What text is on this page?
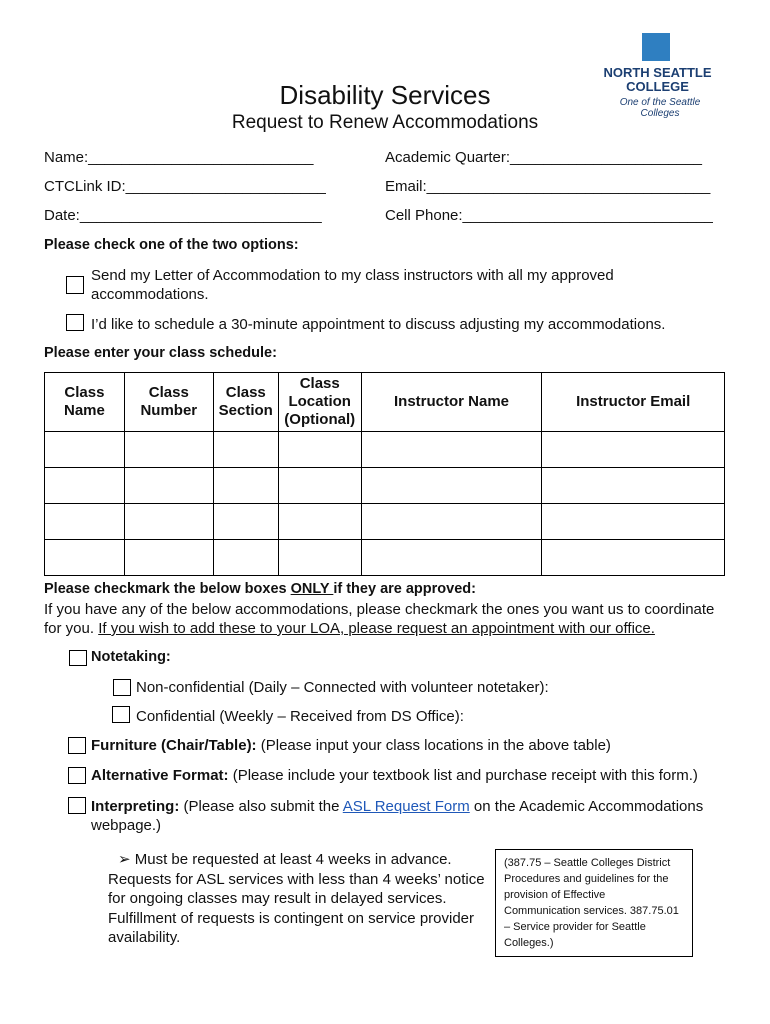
NORTH SEATTLE
COLLEGE
One of the Seattle Colleges
Disability Services
Request to Renew Accommodations
Name:___________________________	Academic Quarter:_______________________
CTCLink ID:________________________	Email:__________________________________
Date:_____________________________	Cell Phone:______________________________
Please check one of the two options:
Send my Letter of Accommodation to my class instructors with all my approved accommodations.
I’d like to schedule a 30-minute appointment to discuss adjusting my accommodations.
Please enter your class schedule:
Class Name	Class Number	Class Section	Class Location (Optional)	Instructor Name	Instructor Email

Please checkmark the below boxes ONLY if they are approved:
If you have any of the below accommodations, please checkmark the ones you want us to coordinate for you. If you wish to add these to your LOA, please request an appointment with our office.
Notetaking:
Non-confidential (Daily – Connected with volunteer notetaker):
Confidential (Weekly – Received from DS Office):
Furniture (Chair/Table): (Please input your class locations in the above table)
Alternative Format: (Please include your textbook list and purchase receipt with this form.)
Interpreting: (Please also submit the ASL Request Form on the Academic Accommodations webpage.)
➢ Must be requested at least 4 weeks in advance.
Requests for ASL services with less than 4 weeks’ notice for ongoing classes may result in delayed services. Fulfillment of requests is contingent on service provider availability.
(387.75 – Seattle Colleges District Procedures and guidelines for the provision of Effective Communication services. 387.75.01 – Service provider for Seattle Colleges.)
